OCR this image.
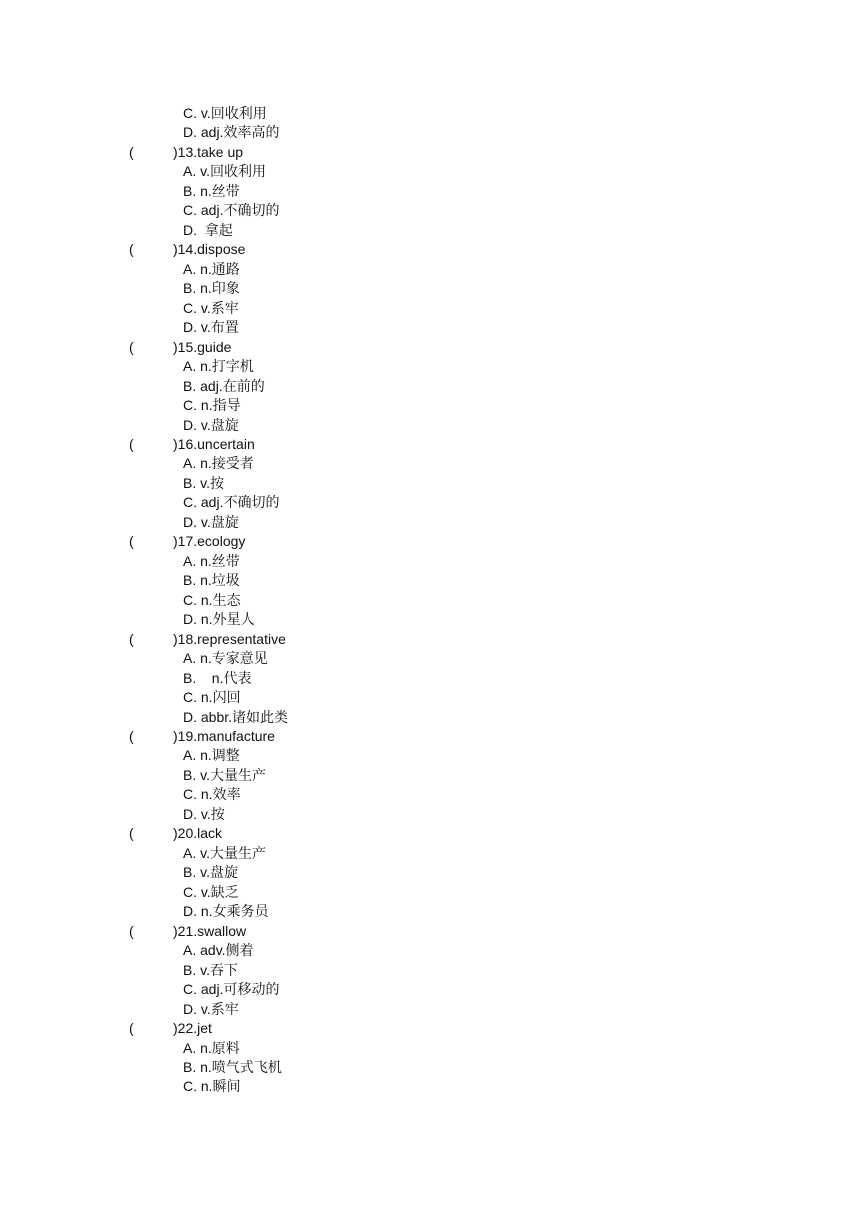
C. v.回收利用
D. adj.效率高的
(	)13.take up
A. v.回收利用
B. n.丝带
C. adj.不确切的
D.  拿起
(	)14.dispose
A. n.通路
B. n.印象
C. v.系牢
D. v.布置
(	)15.guide
A. n.打字机
B. adj.在前的
C. n.指导
D. v.盘旋
(	)16.uncertain
A. n.接受者
B. v.按
C. adj.不确切的
D. v.盘旋
(	)17.ecology
A. n.丝带
B. n.垃圾
C. n.生态
D. n.外星人
(	)18.representative
A. n.专家意见
B.    n.代表
C. n.闪回
D. abbr.诸如此类
(	)19.manufacture
A. n.调整
B. v.大量生产
C. n.效率
D. v.按
(	)20.lack
A. v.大量生产
B. v.盘旋
C. v.缺乏
D. n.女乘务员
(	)21.swallow
A. adv.侧着
B. v.吞下
C. adj.可移动的
D. v.系牢
(	)22.jet
A. n.原料
B. n.喷气式飞机
C. n.瞬间
